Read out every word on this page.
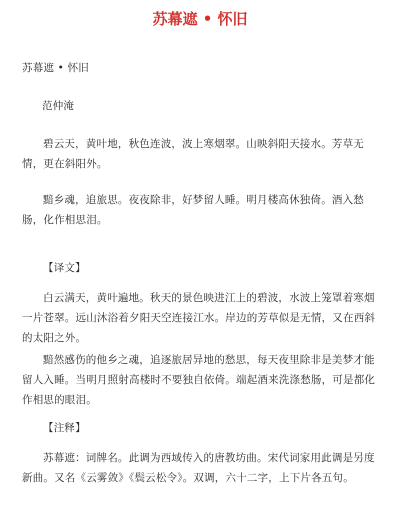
苏幕遮 • 怀旧
苏幕遮 • 怀旧
范仲淹
碧云天，黄叶地，秋色连波，波上寒烟翠。山映斜阳天接水。芳草无情，更在斜阳外。
黯乡魂，追旅思。夜夜除非，好梦留人睡。明月楼高休独倚。酒入愁肠，化作相思泪。
【译文】
白云满天，黄叶遍地。秋天的景色映进江上的碧波，水波上笼罩着寒烟一片苍翠。远山沐浴着夕阳天空连接江水。岸边的芳草似是无情，又在西斜的太阳之外。
黯然感伤的他乡之魂，追逐旅居异地的愁思，每天夜里除非是美梦才能留人入睡。当明月照射高楼时不要独自依倚。端起酒来洗涤愁肠，可是都化作相思的眼泪。
【注释】
苏幕遮：词牌名。此调为西域传入的唐教坊曲。宋代词家用此调是另度新曲。又名《云雾敛》《鬓云松令》。双调，六十二字，上下片各五句。
